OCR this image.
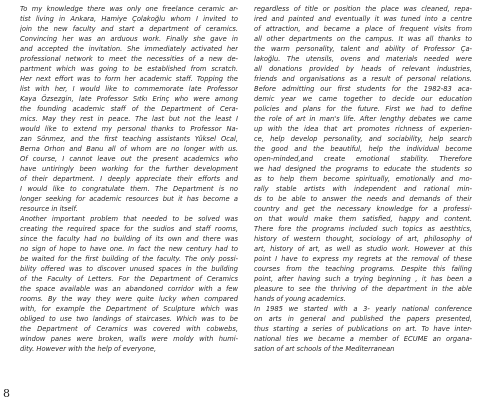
To my knowledge there was only one freelance ceramic ar-
tist living in Ankara, Hamiye Çolakoğlu whom I invited to
join the new faculty and start a department of ceramics.
Convincing her was an arduous work. Finally she gave in
and accepted the invitation. She immediately activated her
professional network to meet the necessities of a new de-
partment which was going to be established from scratch.
Her next effort was to form her academic staff. Topping the
list with her, I would like to commemorate late Professor
Kaya Özsezgin, late Professor Sıtkı Erinç who were among
the founding academic staff of the Department of Cera-
mics. May they rest in peace. The last but not the least I
would like to extend my personal thanks to Professor Na-
zan Sönmez, and the first teaching assistants Yüksel Ocal,
Berna Orhon and Banu all of whom are no longer with us.
Of course, I cannot leave out the present academics who
have untiringly been working for the further development
of their department. I deeply appreciate their efforts and
I would like to congratulate them. The Department is no
longer seeking for academic resources but it has become a
resource in itself.
Another important problem that needed to be solved was
creating the required space for the sudios and staff rooms,
since the faculty had no building of its own and there was
no sign of hope to have one. In fact the new century had to
be waited for the first building of the faculty. The only possi-
bility offered was to discover unused spaces in the building
of the Faculty of Letters. For the Department of Ceramics
the space available was an abandoned corridor with a few
rooms. By the way they were quite lucky when compared
with, for example the Department of Sculpture which was
obliged to use two landings of staircases. Which was to be
the Department of Ceramics was covered with cobwebs,
window panes were broken, walls were moldy with humi-
dity. However with the help of everyone,
regardless of title or position the place was cleaned, repa-
ired and painted and eventually it was tuned into a centre
of attraction, and became a place of frequent visits from
all other departments on the campus. It was all thanks to
the warm personality, talent and ability of Professor Ça-
lakoğlu. The utensils, ovens and materials needed were
all donations provided by heads of relevant industries,
friends and organisations as a result of personal relations.
Before admitting our first students for the 1982-83 aca-
demic year we came together to decide our education
policies and plans for the future. First we had to define
the role of art in man's life. After lengthy debates we came
up with the idea that art promotes richness of experien-
ce, help develop personality, and sociability, help search
the good and the beautiful, help the individual become
open-minded,and create emotional stability. Therefore
we had designed the programs to educate the students so
as to help them become spiritually, emotionally and mo-
rally stable artists with independent and rational min-
ds to be able to answer the needs and demands of their
country and get the necessary knowledge for a professi-
on that would make them satisfied, happy and content.
There fore the programs included such topics as aesthtics,
history of western thought, sociology of art, philosophy of
art, history of art, as well as studio work. However at this
point I have to express my regrets at the removal of these
courses from the teaching programs. Despite this failing
point, after having such a trying beginning , it has been a
pleasure to see the thriving of the department in the able
hands of young academics.
In 1985 we started with a 3- yearly national conference
on arts in general and published the papers presented,
thus starting a series of publications on art. To have inter-
national ties we became a member of ECUME an organa-
sation of art schools of the Mediterranean
8
